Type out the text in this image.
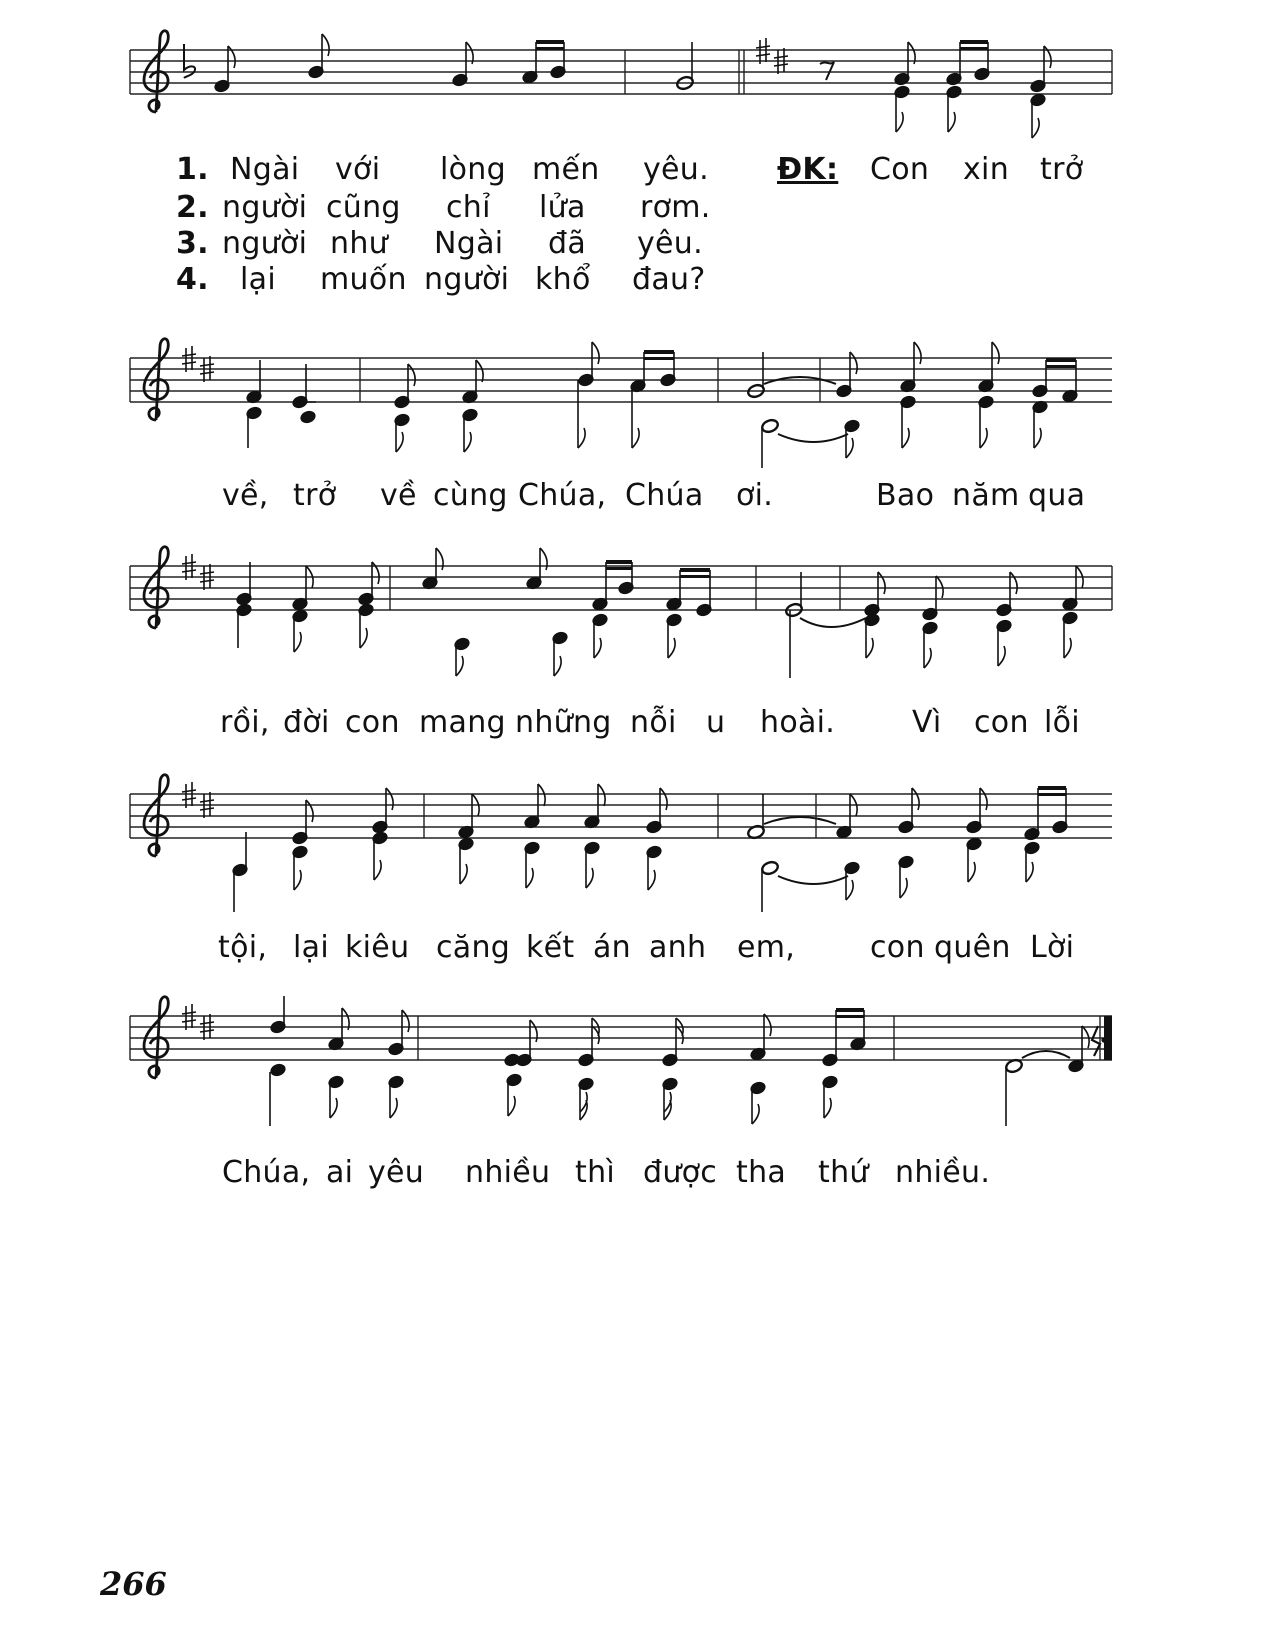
1. Ngài với lòng mến yêu. ĐK: Con xin trở
2. người cũng chỉ lửa rơm.
3. người như Ngài đã yêu.
4. lại muốn người khổ đau?
về, trở về cùng Chúa, Chúa ơi.	Bao năm qua
rồi, đời con mang những nỗi u hoài.	Vì con lỗi
tội, lại kiêu căng kết án anh em, con quên Lời
Chúa, ai yêu nhiều thì được tha thứ nhiều.
266
